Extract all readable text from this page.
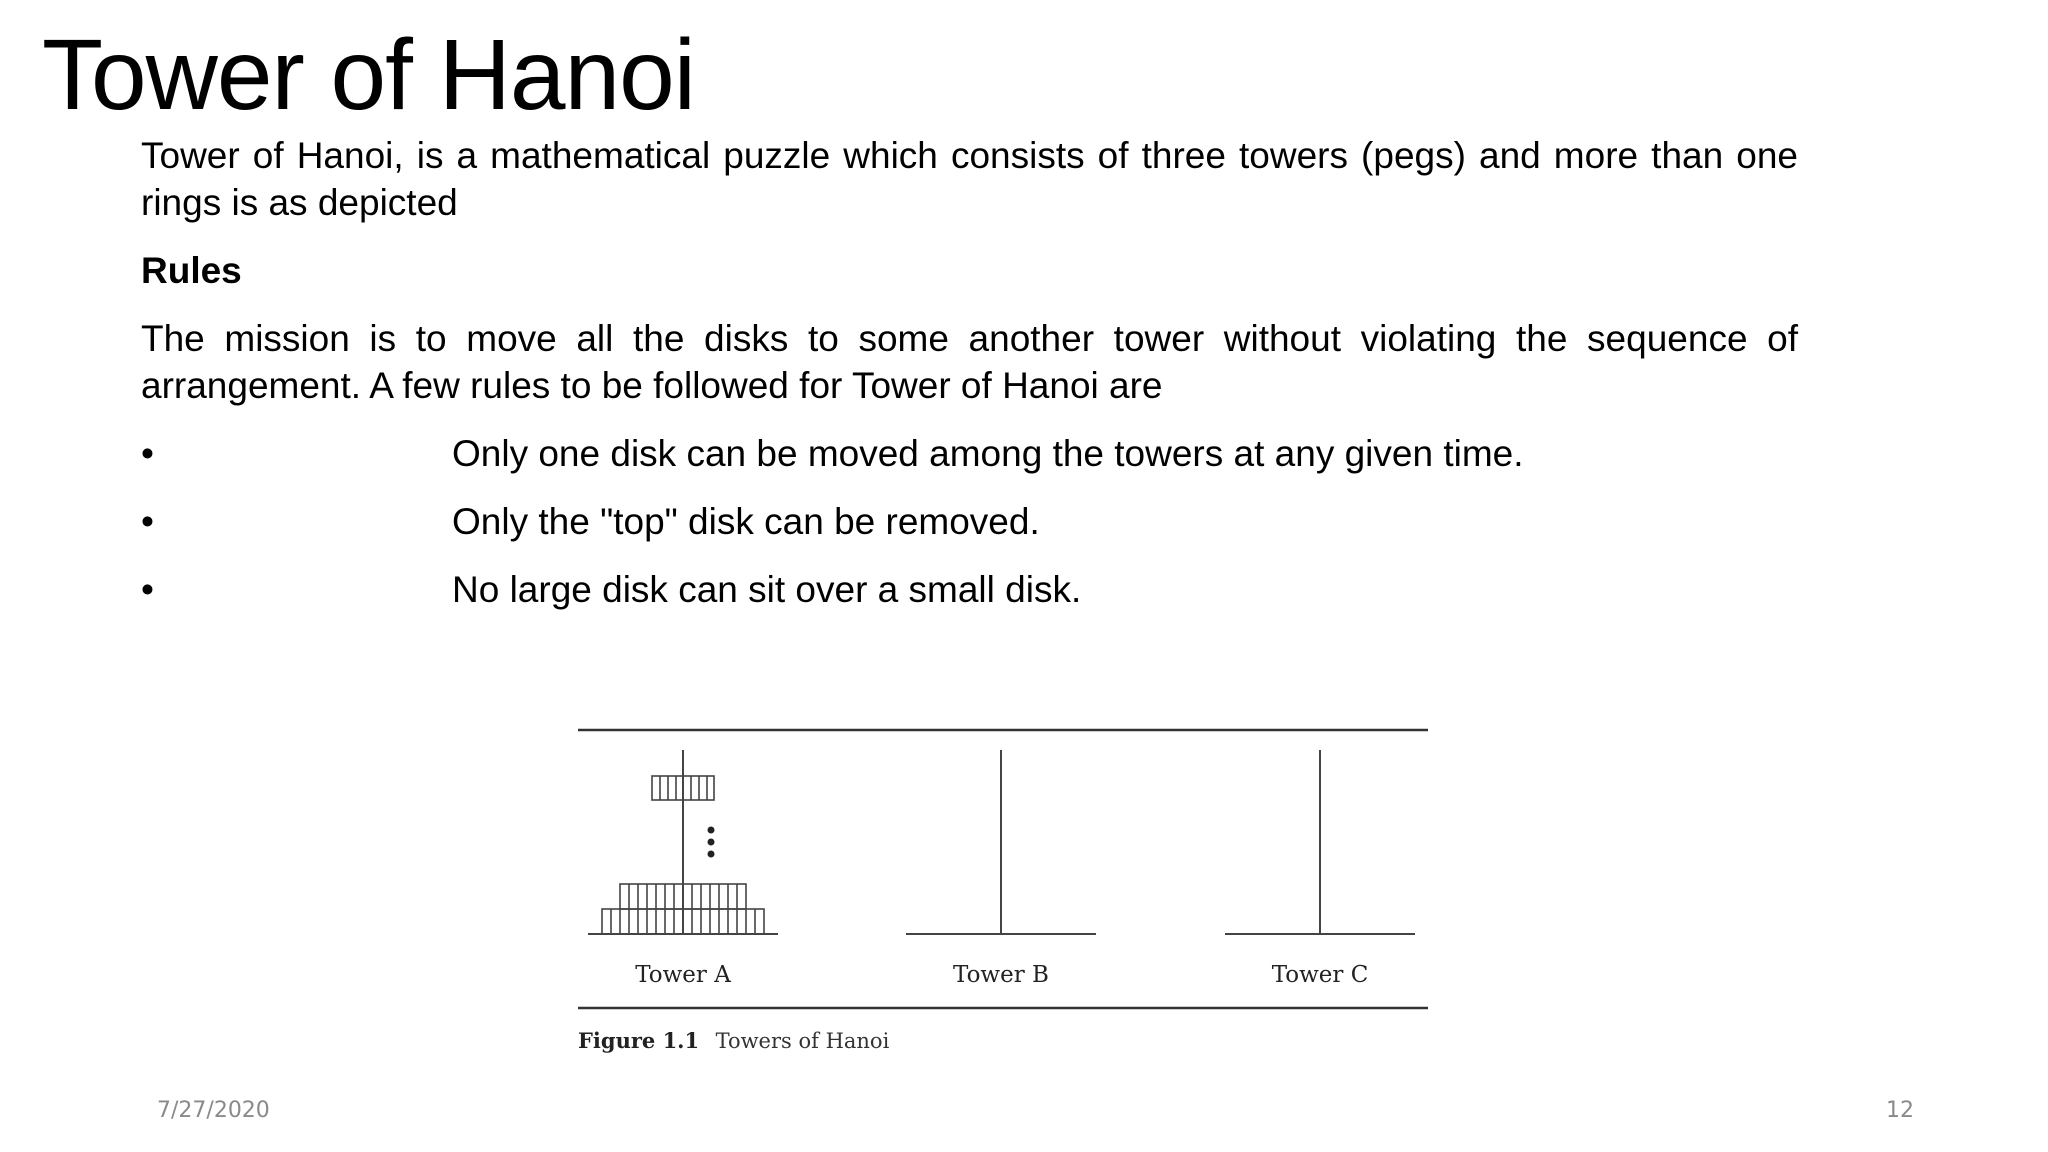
Tower of Hanoi

Tower of Hanoi, is a mathematical puzzle which consists of three towers (pegs) and more than one rings is as depicted

Rules

The mission is to move all the disks to some another tower without violating the sequence of arrangement. A few rules to be followed for Tower of Hanoi are

•	Only one disk can be moved among the towers at any given time.
•	Only the "top" disk can be removed.
•	No large disk can sit over a small disk.
Tower A	Tower B	Tower C
Figure 1.1 Towers of Hanoi
7/27/2020	12
